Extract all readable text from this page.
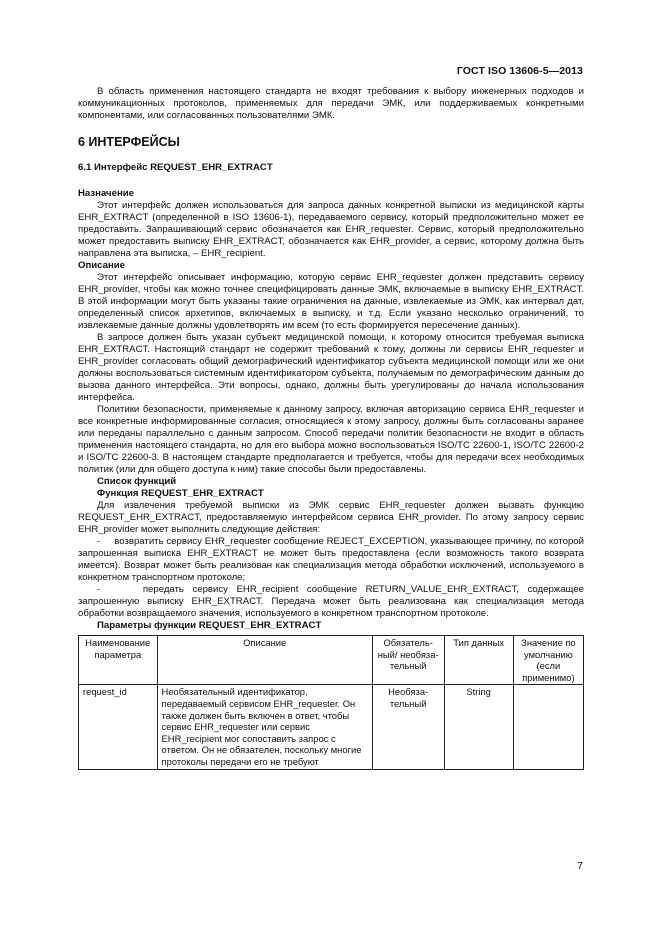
ГОСТ ISO 13606-5—2013

В область применения настоящего стандарта не входят требования к выбору инженерных подходов и коммуникационных протоколов, применяемых для передачи ЭМК, или поддерживаемых конкретными компонентами, или согласованных пользователями ЭМК.

6 ИНТЕРФЕЙСЫ
6.1 Интерфейс REQUEST_EHR_EXTRACT
Назначение

Этот интерфейс должен использоваться для запроса данных конкретной выписки из медицинской карты EHR_EXTRACT (определенной в ISO 13606-1), передаваемого сервису, который предположительно может ее предоставить. Запрашивающий сервис обозначается как EHR_requester. Сервис, который предположительно может предоставить выписку EHR_EXTRACT, обозначается как EHR_provider, а сервис, которому должна быть направлена эта выписка, – EHR_recipient.

Описание

Этот интерфейс описывает информацию, которую сервис EHR_requester должен представить сервису EHR_provider, чтобы как можно точнее специфицировать данные ЭМК, включаемые в выписку EHR_EXTRACT. В этой информации могут быть указаны такие ограничения на данные, извлекаемые из ЭМК, как интервал дат, определенный список архетипов, включаемых в выписку, и т.д. Если указано несколько ограничений, то извлекаемые данные должны удовлетворять им всем (то есть формируется пересечение данных).

В запросе должен быть указан субъект медицинской помощи, к которому относится требуемая выписка EHR_EXTRACT. Настоящий стандарт не содержит требований к тому, должны ли сервисы EHR_requester и EHR_provider согласовать общий демографический идентификатор субъекта медицинской помощи или же они должны воспользоваться системным идентификатором субъекта, получаемым по демографическим данным до вызова данного интерфейса. Эти вопросы, однако, должны быть урегулированы до начала использования интерфейса.

Политики безопасности, применяемые к данному запросу, включая авторизацию сервиса EHR_requester и все конкретные информированные согласия, относящиеся к этому запросу, должны быть согласованы заранее или переданы параллельно с данным запросом. Способ передачи политик безопасности не входит в область применения настоящего стандарта, но для его выбора можно воспользоваться ISO/TC 22600-1, ISO/TC 22600-2 и ISO/TC 22600-3. В настоящем стандарте предполагается и требуется, чтобы для передачи всех необходимых политик (или для общего доступа к ним) такие способы были предоставлены.

Список функций
Функция REQUEST_EHR_EXTRACT

Для извлечения требуемой выписки из ЭМК сервис EHR_requester должен вызвать функцию REQUEST_EHR_EXTRACT, предоставляемую интерфейсом сервиса EHR_provider. По этому запросу сервис EHR_provider может выполнить следующие действия:

-     возвратить сервису EHR_requester сообщение REJECT_EXCEPTION, указывающее причину, по которой запрошенная выписка EHR_EXTRACT не может быть предоставлена (если возможность такого возврата имеется). Возврат может быть реализован как специализация метода обработки исключений, используемого в конкретном транспортном протоколе;

-     передать сервису EHR_recipient сообщение RETURN_VALUE_EHR_EXTRACT, содержащее запрошенную выписку EHR_EXTRACT. Передача может быть реализована как специализация метода обработки возвращаемого значения, используемого в конкретном транспортном протоколе.

Параметры функции REQUEST_EHR_EXTRACT
Наименование параметра	Описание	Обязатель-ный/ необяза-тельный	Тип данных	Значение по умолчанию (если применимо)
request_id	Необязательный идентификатор, передаваемый сервисом EHR_requester. Он также должен быть включен в ответ, чтобы сервис EHR_requester или сервис EHR_recipient мог сопоставить запрос с ответом. Он не обязателен, поскольку многие протоколы передачи его не требуют	Необяза-тельный	String	
7
